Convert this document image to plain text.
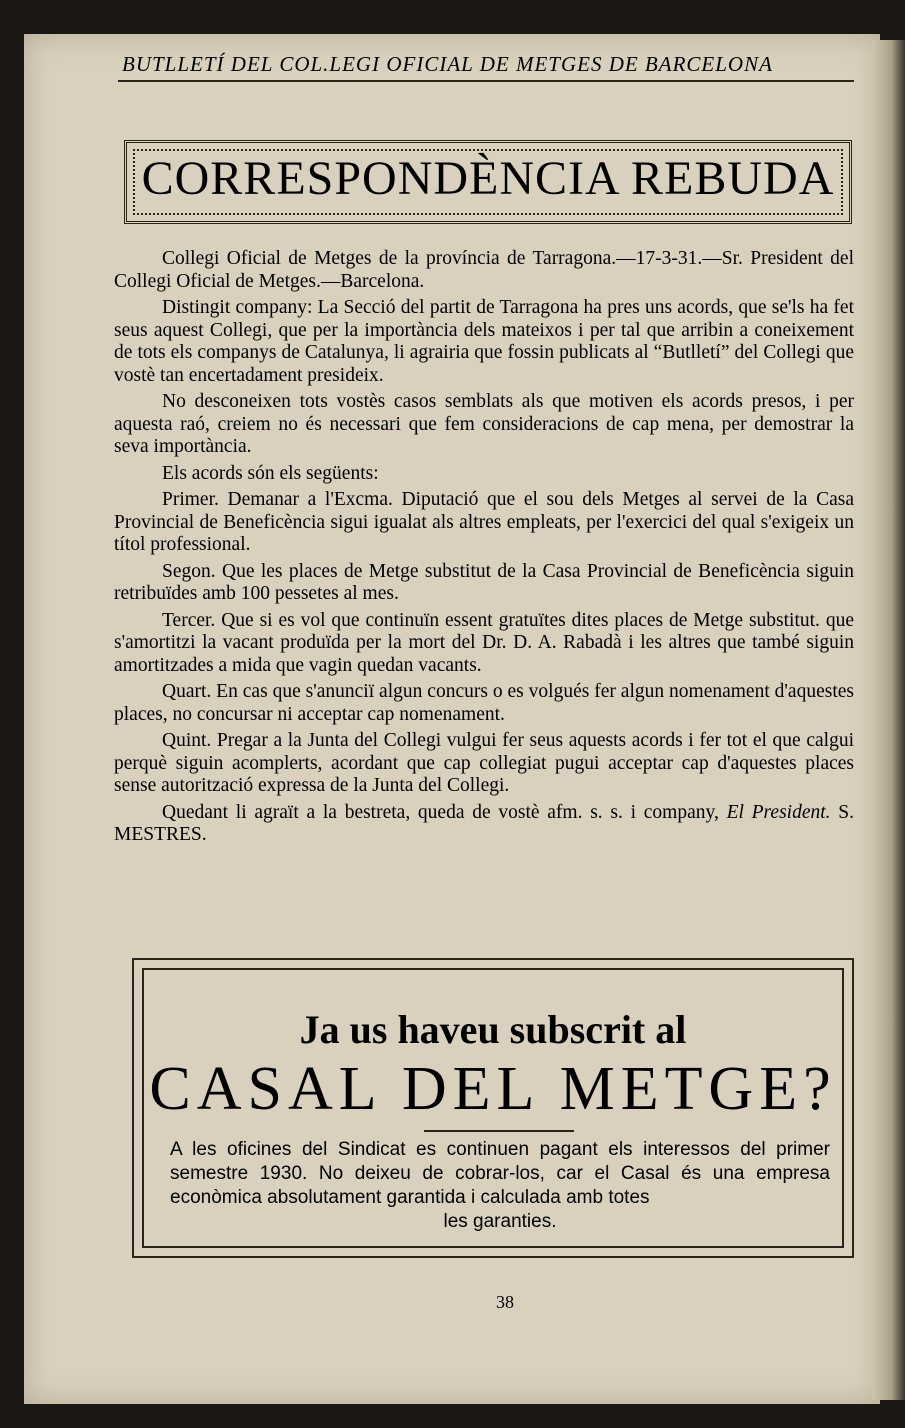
BUTLLETÍ DEL COL.LEGI OFICIAL DE METGES DE BARCELONA
CORRESPONDÈNCIA REBUDA

Collegi Oficial de Metges de la província de Tarragona.—17-3-31.—Sr. President del Collegi Oficial de Metges.—Barcelona.

Distingit company: La Secció del partit de Tarragona ha pres uns acords, que se'ls ha fet seus aquest Collegi, que per la importància dels mateixos i per tal que arribin a coneixement de tots els companys de Catalunya, li agrairia que fossin publicats al “Butlletí” del Collegi que vostè tan encertadament presideix.

No desconeixen tots vostès casos semblats als que motiven els acords presos, i per aquesta raó, creiem no és necessari que fem consideracions de cap mena, per demostrar la seva importància.

Els acords són els següents:

Primer. Demanar a l'Excma. Diputació que el sou dels Metges al servei de la Casa Provincial de Beneficència sigui igualat als altres empleats, per l'exercici del qual s'exigeix un títol professional.

Segon. Que les places de Metge substitut de la Casa Provincial de Beneficència siguin retribuïdes amb 100 pessetes al mes.

Tercer. Que si es vol que continuïn essent gratuïtes dites places de Metge substitut. que s'amortitzi la vacant produïda per la mort del Dr. D. A. Rabadà i les altres que també siguin amortitzades a mida que vagin quedan vacants.

Quart. En cas que s'anunciï algun concurs o es volgués fer algun nomenament d'aquestes places, no concursar ni acceptar cap nomenament.

Quint. Pregar a la Junta del Collegi vulgui fer seus aquests acords i fer tot el que calgui perquè siguin acomplerts, acordant que cap collegiat pugui acceptar cap d'aquestes places sense autorització expressa de la Junta del Collegi.

Quedant li agraït a la bestreta, queda de vostè afm. s. s. i company, El President. S. MESTRES.

Ja us haveu subscrit al
CASAL DEL METGE?
A les oficines del Sindicat es continuen pagant els interessos del primer semestre 1930. No deixeu de cobrar-los, car el Casal és una empresa econòmica absolutament garantida i calculada amb totes
les garanties.
38
